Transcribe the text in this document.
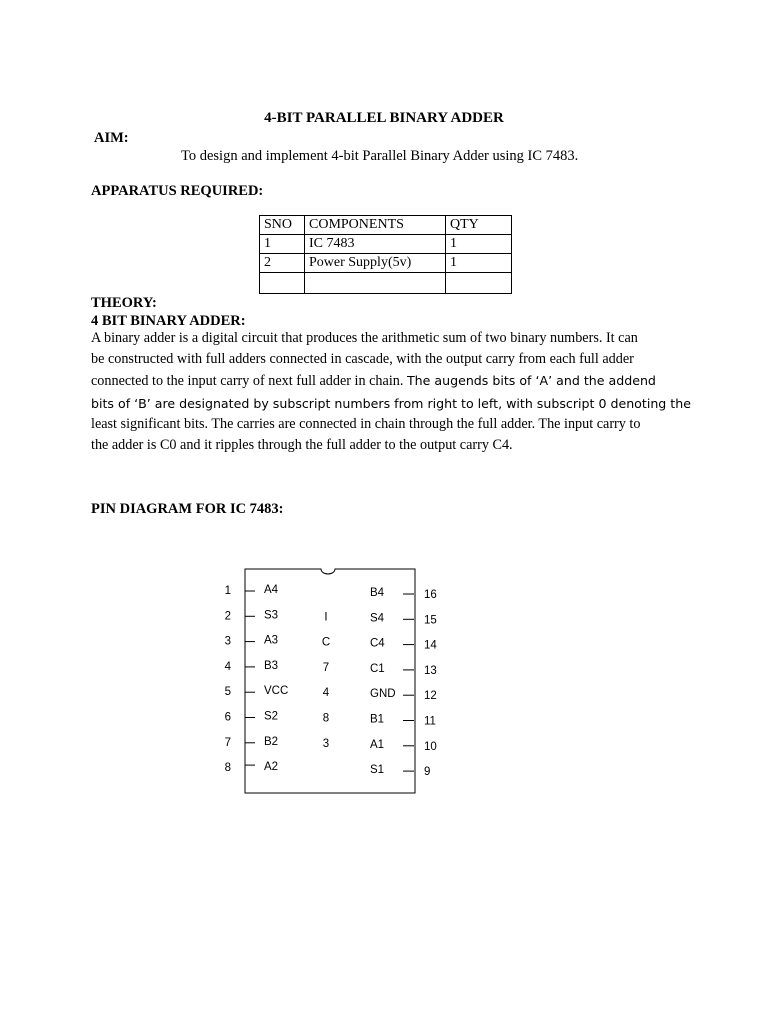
4-BIT PARALLEL BINARY ADDER
AIM:
To design and implement 4-bit Parallel Binary Adder using IC 7483.
APPARATUS REQUIRED:
SNO	COMPONENTS	QTY
1	IC 7483	1
2	Power Supply(5v)	1

THEORY:
4 BIT BINARY ADDER:
A binary adder is a digital circuit that produces the arithmetic sum of two binary numbers. It can
be constructed with full adders connected in cascade, with the output carry from each full adder
connected to the input carry of next full adder in chain. The augends bits of ‘A’ and the addend
bits of ‘B’ are designated by subscript numbers from right to left, with subscript 0 denoting the
least significant bits. The carries are connected in chain through the full adder. The input carry to
the adder is C0 and it ripples through the full adder to the output carry C4.
PIN DIAGRAM FOR IC 7483:
1	A4
2	S3
3	A3
4	B3
5	VCC
6	S2
7	B2
8	A2
B4	16
S4	15
C4	14
C1	13
GND 12
B1	11
A1	10
S1	9
I
C
7
4
8
3
